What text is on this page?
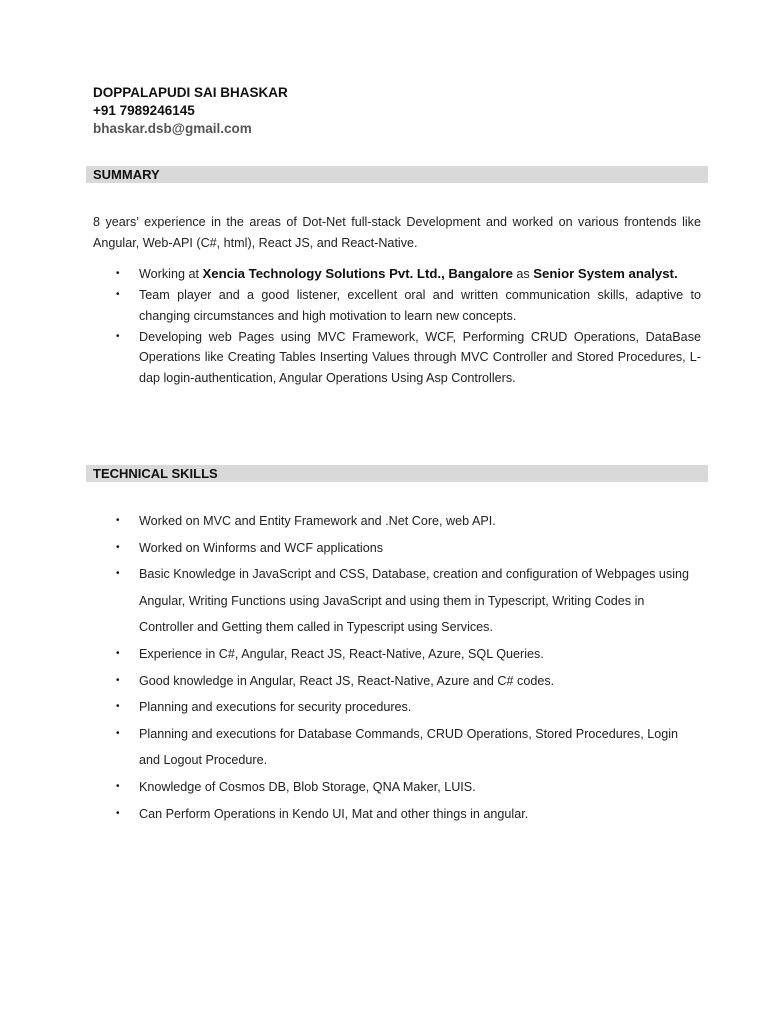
DOPPALAPUDI SAI BHASKAR
+91 7989246145
bhaskar.dsb@gmail.com
SUMMARY
8 years’ experience in the areas of Dot-Net full-stack Development and worked on various frontends like Angular, Web-API (C#, html), React JS, and React-Native.
• Working at Xencia Technology Solutions Pvt. Ltd., Bangalore as Senior System analyst.
• Team player and a good listener, excellent oral and written communication skills, adaptive to changing circumstances and high motivation to learn new concepts.
• Developing web Pages using MVC Framework, WCF, Performing CRUD Operations, DataBase Operations like Creating Tables Inserting Values through MVC Controller and Stored Procedures, L-dap login-authentication, Angular Operations Using Asp Controllers.
TECHNICAL SKILLS
• Worked on MVC and Entity Framework and .Net Core, web API.
• Worked on Winforms and WCF applications
• Basic Knowledge in JavaScript and CSS, Database, creation and configuration of Webpages using Angular, Writing Functions using JavaScript and using them in Typescript, Writing Codes in Controller and Getting them called in Typescript using Services.
• Experience in C#, Angular, React JS, React-Native, Azure, SQL Queries.
• Good knowledge in Angular, React JS, React-Native, Azure and C# codes.
• Planning and executions for security procedures.
• Planning and executions for Database Commands, CRUD Operations, Stored Procedures, Login and Logout Procedure.
• Knowledge of Cosmos DB, Blob Storage, QNA Maker, LUIS.
• Can Perform Operations in Kendo UI, Mat and other things in angular.
